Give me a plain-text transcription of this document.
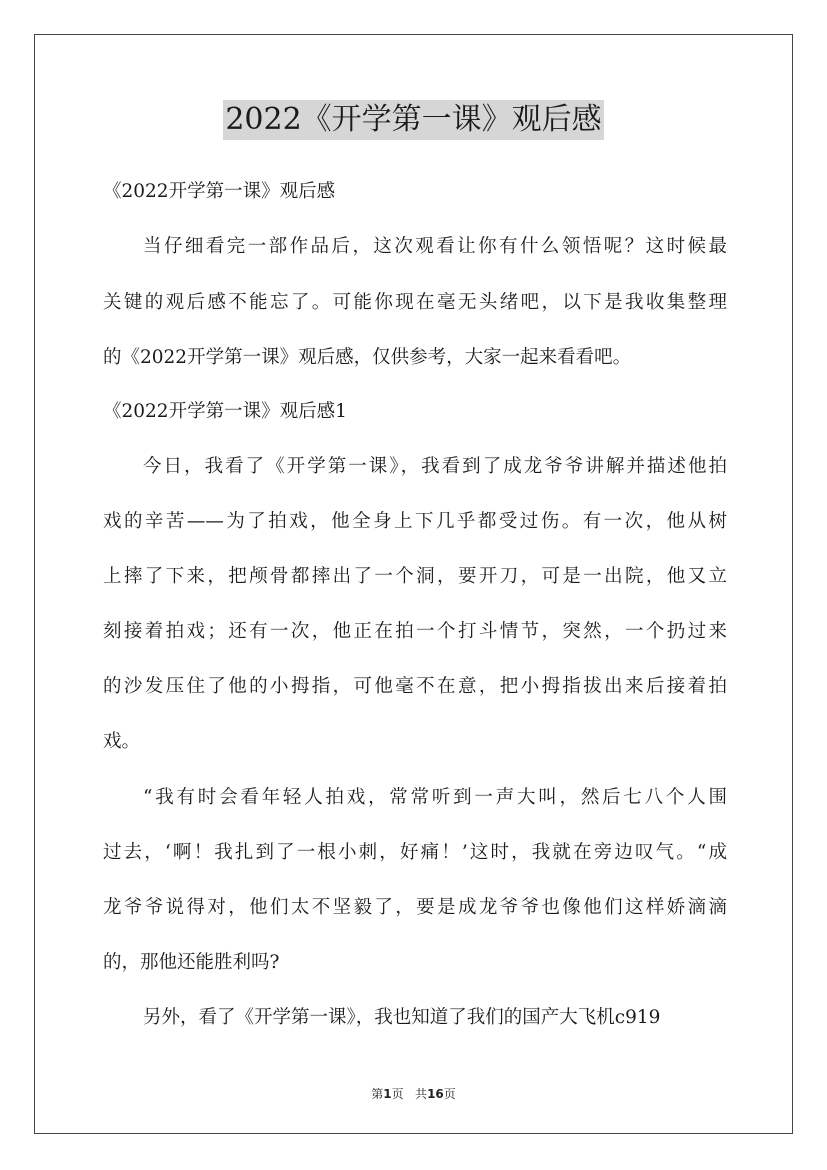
2022《开学第一课》观后感
《2022开学第一课》观后感
当仔细看完一部作品后，这次观看让你有什么领悟呢？这时候最
关键的观后感不能忘了。可能你现在毫无头绪吧，以下是我收集整理
的《2022开学第一课》观后感，仅供参考，大家一起来看看吧。
《2022开学第一课》观后感1
今日，我看了《开学第一课》，我看到了成龙爷爷讲解并描述他拍
戏的辛苦——为了拍戏，他全身上下几乎都受过伤。有一次，他从树
上摔了下来，把颅骨都摔出了一个洞，要开刀，可是一出院，他又立
刻接着拍戏；还有一次，他正在拍一个打斗情节，突然，一个扔过来
的沙发压住了他的小拇指，可他毫不在意，把小拇指拔出来后接着拍
戏。
“我有时会看年轻人拍戏，常常听到一声大叫，然后七八个人围
过去，‘啊！我扎到了一根小刺，好痛！’这时，我就在旁边叹气。“成
龙爷爷说得对，他们太不坚毅了，要是成龙爷爷也像他们这样娇滴滴
的，那他还能胜利吗?
另外，看了《开学第一课》，我也知道了我们的国产大飞机c919
第1页 共16页
